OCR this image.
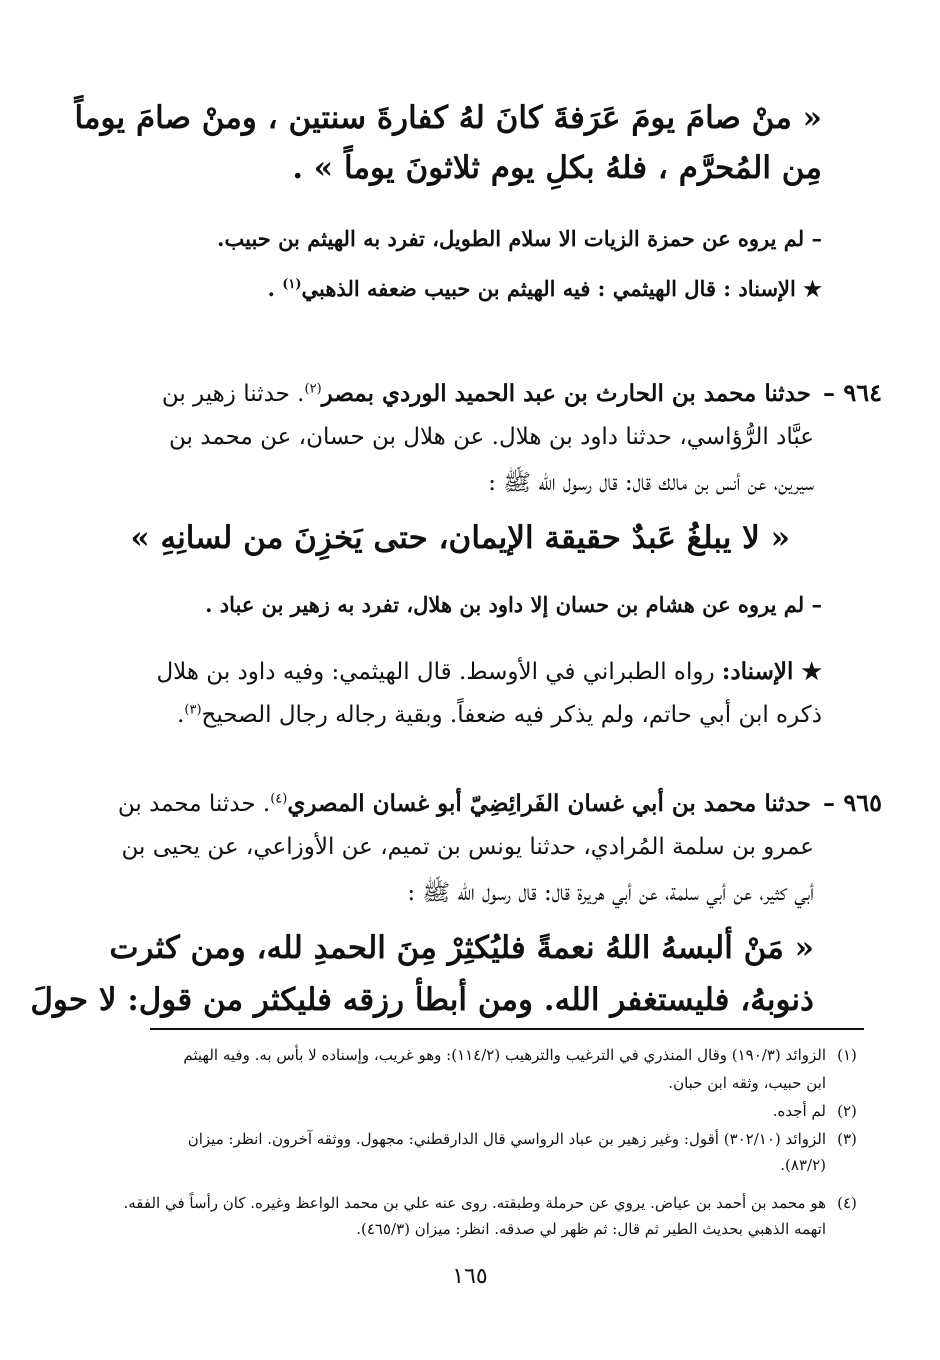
« منْ صامَ يومَ عَرَفةَ كانَ لهُ كفارةَ سنتين ، ومنْ صامَ يوماً
مِن المُحرَّم ، فلهُ بكلِ يوم ثلاثونَ يوماً » .
– لم يروه عن حمزة الزيات الا سلام الطويل، تفرد به الهيثم بن حبيب.
★ الإسناد : قال الهيثمي : فيه الهيثم بن حبيب ضعفه الذهبي$^{(١)}$ .
٩٦٤ –حدثنا محمد بن الحارث بن عبد الحميد الوردي بمصر$^{(٢)}$. حدثنا زهير بن
عبَّاد الرُّؤاسي، حدثنا داود بن هلال. عن هلال بن حسان، عن محمد بن
سيرين، عن أنس بن مالك قال: قال رسول الله ﷺ :
« لا يبلغُ عَبدٌ حقيقة الإيمان، حتى يَخزِنَ من لسانِهِ »
– لم يروه عن هشام بن حسان إلا داود بن هلال، تفرد به زهير بن عباد .
★ الإسناد: رواه الطبراني في الأوسط. قال الهيثمي: وفيه داود بن هلال
ذكره ابن أبي حاتم، ولم يذكر فيه ضعفاً. وبقية رجاله رجال الصحيح$^{(٣)}$.
٩٦٥ –حدثنا محمد بن أبي غسان الفَرائِضِيّ أبو غسان المصري$^{(٤)}$. حدثنا محمد بن
عمرو بن سلمة المُرادي، حدثنا يونس بن تميم، عن الأوزاعي، عن يحيى بن
أبي كثير، عن أبي سلمة، عن أبي هريرة قال: قال رسول الله ﷺ :
« مَنْ ألبسهُ اللهُ نعمةً فليُكثِرْ مِنَ الحمدِ لله، ومن كثرت
ذنوبهُ، فليستغفر الله. ومن أبطأ رزقه فليكثر من قول: لا حولَ
(١)الزوائد (١٩٠/٣) وقال المنذري في الترغيب والترهيب (١١٤/٢): وهو غريب، وإسناده لا بأس به. وفيه الهيثم
ابن حبيب، وثقه ابن حبان.
(٢)لم أجده.
(٣)الزوائد (٣٠٢/١٠) أقول: وغير زهير بن عباد الرواسي قال الدارقطني: مجهول. ووثقه آخرون. انظر: ميزان
(٨٣/٢).
(٤)هو محمد بن أحمد بن عياض. يروي عن حرملة وطبقته. روى عنه علي بن محمد الواعظ وغيره. كان رأساً في الفقه.
اتهمه الذهبي بحديث الطير ثم قال: ثم ظهر لي صدقه. انظر: ميزان (٤٦٥/٣).
١٦٥
